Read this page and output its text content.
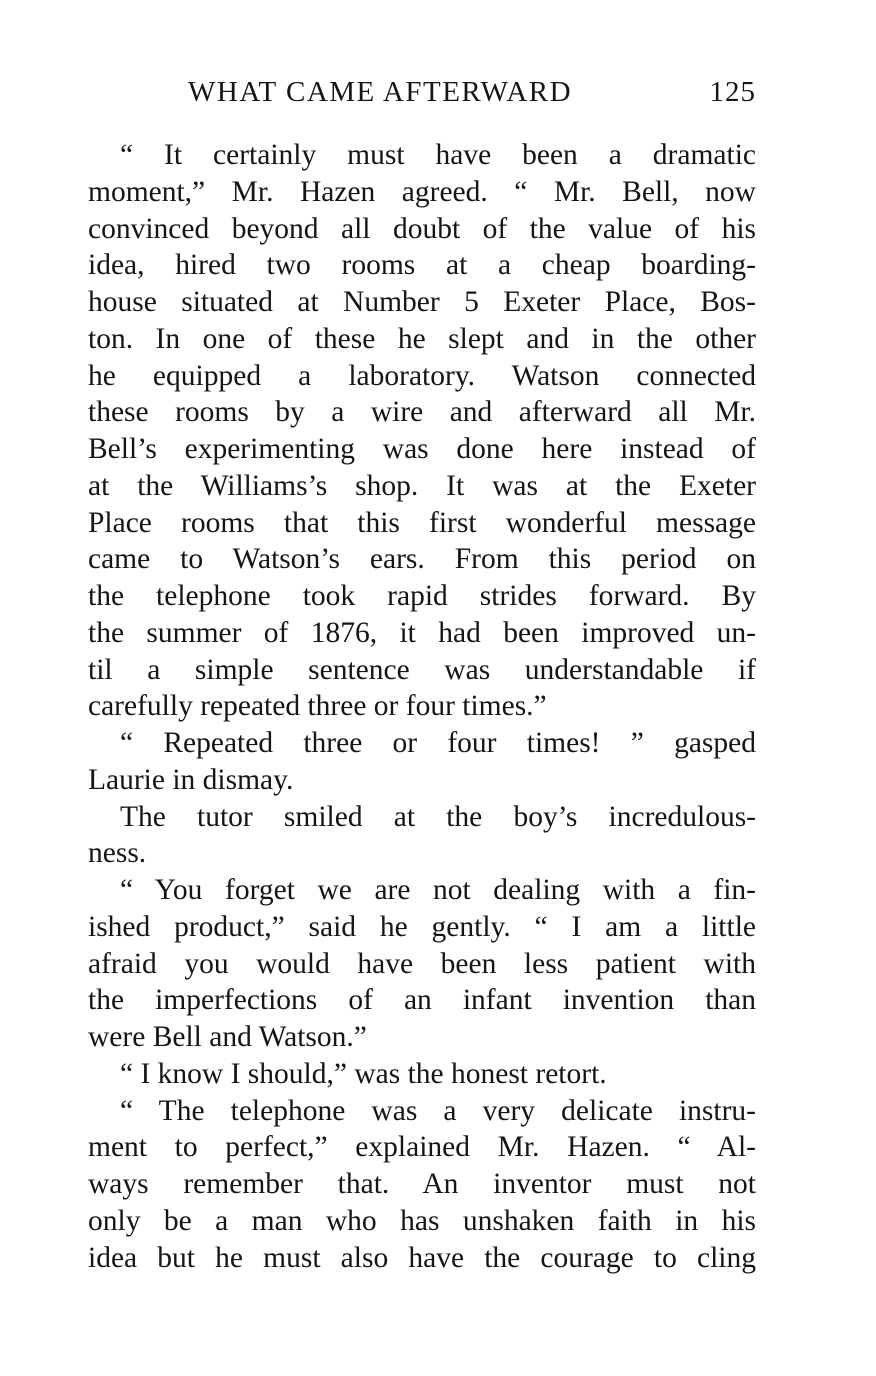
WHAT CAME AFTERWARD	125
“ It certainly must have been a dramatic
moment,” Mr. Hazen agreed. “ Mr. Bell, now
convinced beyond all doubt of the value of his
idea, hired two rooms at a cheap boarding-
house situated at Number 5 Exeter Place, Bos-
ton. In one of these he slept and in the other
he equipped a laboratory. Watson connected
these rooms by a wire and afterward all Mr.
Bell’s experimenting was done here instead of
at the Williams’s shop. It was at the Exeter
Place rooms that this first wonderful message
came to Watson’s ears. From this period on
the telephone took rapid strides forward. By
the summer of 1876, it had been improved un-
til a simple sentence was understandable if
carefully repeated three or four times.”
“ Repeated three or four times! ” gasped
Laurie in dismay.
The tutor smiled at the boy’s incredulous-
ness.
“ You forget we are not dealing with a fin-
ished product,” said he gently. “ I am a little
afraid you would have been less patient with
the imperfections of an infant invention than
were Bell and Watson.”
“ I know I should,” was the honest retort.
“ The telephone was a very delicate instru-
ment to perfect,” explained Mr. Hazen. “ Al-
ways remember that. An inventor must not
only be a man who has unshaken faith in his
idea but he must also have the courage to cling
